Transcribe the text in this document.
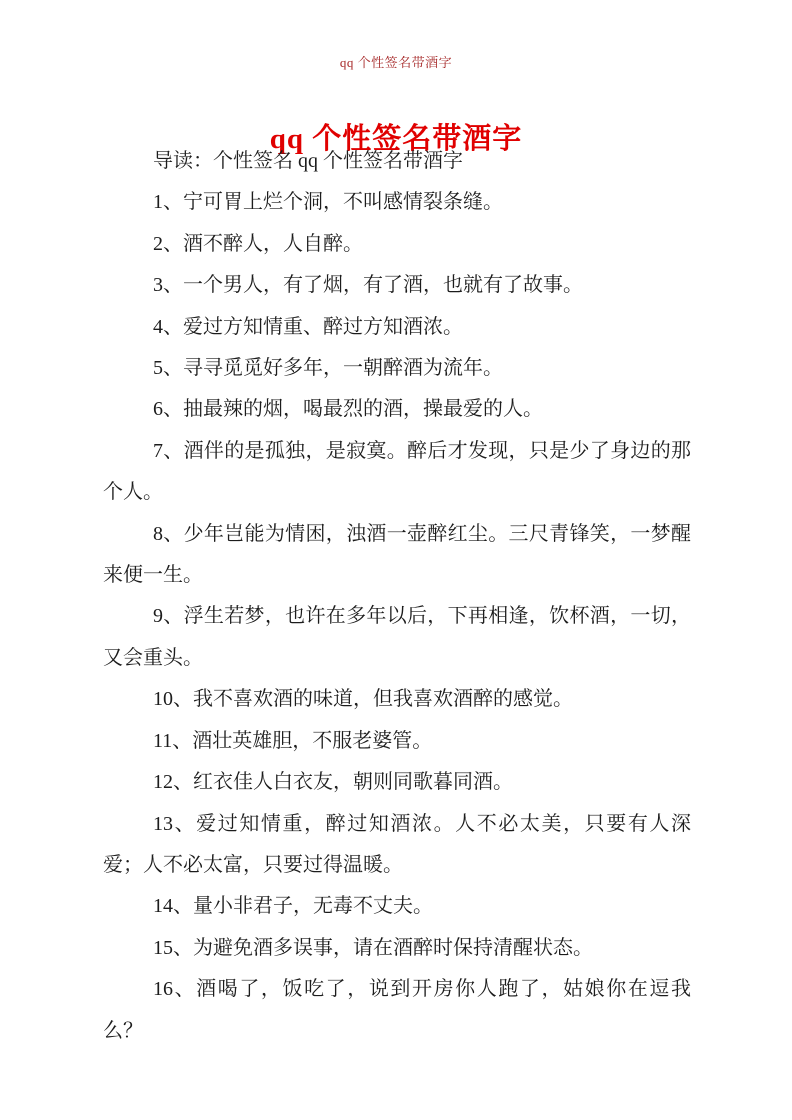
qq 个性签名带酒字
qq 个性签名带酒字

导读：个性签名 qq 个性签名带酒字

1、宁可胃上烂个洞，不叫感情裂条缝。

2、酒不醉人，人自醉。

3、一个男人，有了烟，有了酒，也就有了故事。

4、爱过方知情重、醉过方知酒浓。

5、寻寻觅觅好多年，一朝醉酒为流年。

6、抽最辣的烟，喝最烈的酒，操最爱的人。

7、酒伴的是孤独，是寂寞。醉后才发现，只是少了身边的那个人。

8、少年岂能为情困，浊酒一壶醉红尘。三尺青锋笑，一梦醒来便一生。

9、浮生若梦，也许在多年以后，下再相逢，饮杯酒，一切，又会重头。

10、我不喜欢酒的味道，但我喜欢酒醉的感觉。

11、酒壮英雄胆，不服老婆管。

12、红衣佳人白衣友，朝则同歌暮同酒。

13、爱过知情重，醉过知酒浓。人不必太美，只要有人深爱；人不必太富，只要过得温暖。

14、量小非君子，无毒不丈夫。

15、为避免酒多误事，请在酒醉时保持清醒状态。

16、酒喝了，饭吃了，说到开房你人跑了，姑娘你在逗我么？
